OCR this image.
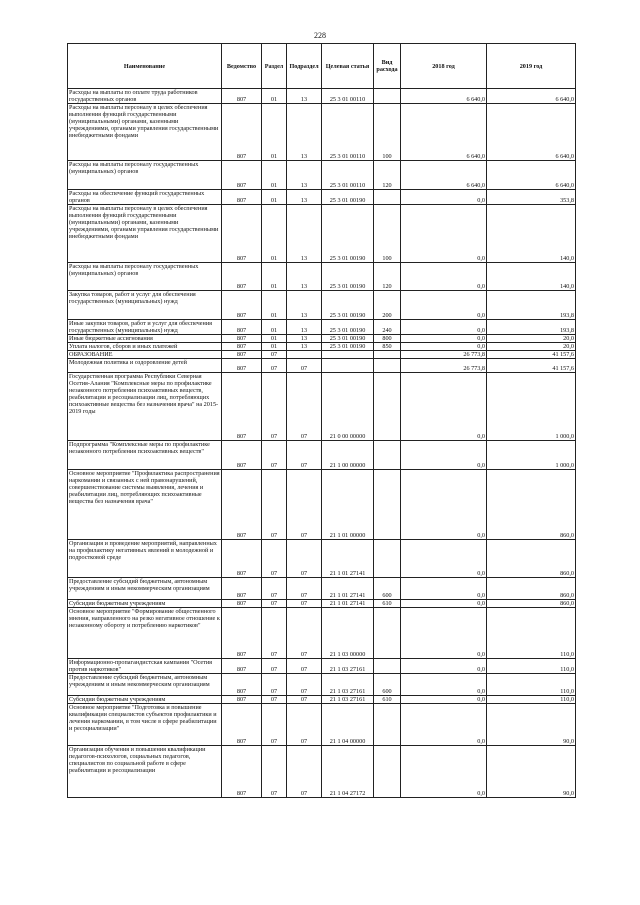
228
Наименование	Ведомство	Раздел	Подраздел	Целевая статья	Вид расхода	2018 год	2019 год
Расходы на выплаты по оплате труда работников государственных органов	807	01	13	25 3 01 00110		6 640,0	6 640,0
Расходы на выплаты персоналу в целях обеспечения выполнения функций государственными (муниципальными) органами, казенными учреждениями, органами управления государственными внебюджетными фондами	807	01	13	25 3 01 00110	100	6 640,0	6 640,0
Расходы на выплаты персоналу государственных (муниципальных) органов	807	01	13	25 3 01 00110	120	6 640,0	6 640,0
Расходы на обеспечение функций государственных органов	807	01	13	25 3 01 00190		0,0	353,8
Расходы на выплаты персоналу в целях обеспечения выполнения функций государственными (муниципальными) органами, казенными учреждениями, органами управления государственными внебюджетными фондами	807	01	13	25 3 01 00190	100	0,0	140,0
Расходы на выплаты персоналу государственных (муниципальных) органов	807	01	13	25 3 01 00190	120	0,0	140,0
Закупка товаров, работ и услуг для обеспечения государственных (муниципальных) нужд	807	01	13	25 3 01 00190	200	0,0	193,8
Иные закупки товаров, работ и услуг для обеспечения государственных (муниципальных) нужд	807	01	13	25 3 01 00190	240	0,0	193,8
Иные бюджетные ассигнования	807	01	13	25 3 01 00190	800	0,0	20,0
Уплата налогов, сборов и иных платежей	807	01	13	25 3 01 00190	850	0,0	20,0
ОБРАЗОВАНИЕ	807	07				26 773,8	41 157,6
Молодежная политика и оздоровление детей	807	07	07			26 773,8	41 157,6
Государственная программа Республики Северная Осетия-Алания "Комплексные меры по профилактике незаконного потребления психоактивных веществ, реабилитации и ресоциализации лиц, потребляющих психоактивные вещества без назначения врача" на 2015-2019 годы	807	07	07	21 0 00 00000		0,0	1 000,0
Подпрограмма "Комплексные меры по профилактике незаконного потребления психоактивных веществ"	807	07	07	21 1 00 00000		0,0	1 000,0
Основное мероприятие "Профилактика распространения наркомании и связанных с ней правонарушений, совершенствование системы выявления, лечения и реабилитации лиц, потребляющих психоактивные вещества без назначения врача"	807	07	07	21 1 01 00000		0,0	860,0
Организация и проведение мероприятий, направленных на профилактику негативных явлений в молодежной и подростковой среде	807	07	07	21 1 01 27141		0,0	860,0
Предоставление субсидий бюджетным, автономным учреждениям и иным некоммерческим организациям	807	07	07	21 1 01 27141	600	0,0	860,0
Субсидии бюджетным учреждениям	807	07	07	21 1 01 27141	610	0,0	860,0
Основное мероприятие "Формирование общественного мнения, направленного на резко негативное отношение к незаконному обороту и потреблению наркотиков"	807	07	07	21 1 03 00000		0,0	110,0
Информационно-пропагандистская кампания "Осетия против наркотиков"	807	07	07	21 1 03 27161		0,0	110,0
Предоставление субсидий бюджетным, автономным учреждениям и иным некоммерческим организациям	807	07	07	21 1 03 27161	600	0,0	110,0
Субсидии бюджетным учреждениям	807	07	07	21 1 03 27161	610	0,0	110,0
Основное мероприятие "Подготовка и повышение квалификации специалистов субъектов профилактики и лечения наркомании, в том числе в сфере реабилитации и ресоциализации"	807	07	07	21 1 04 00000		0,0	90,0
Организация обучения и повышения квалификации педагогов-психологов, социальных педагогов, специалистов по социальной работе в сфере реабилитации и ресоциализации	807	07	07	21 1 04 27172		0,0	90,0
